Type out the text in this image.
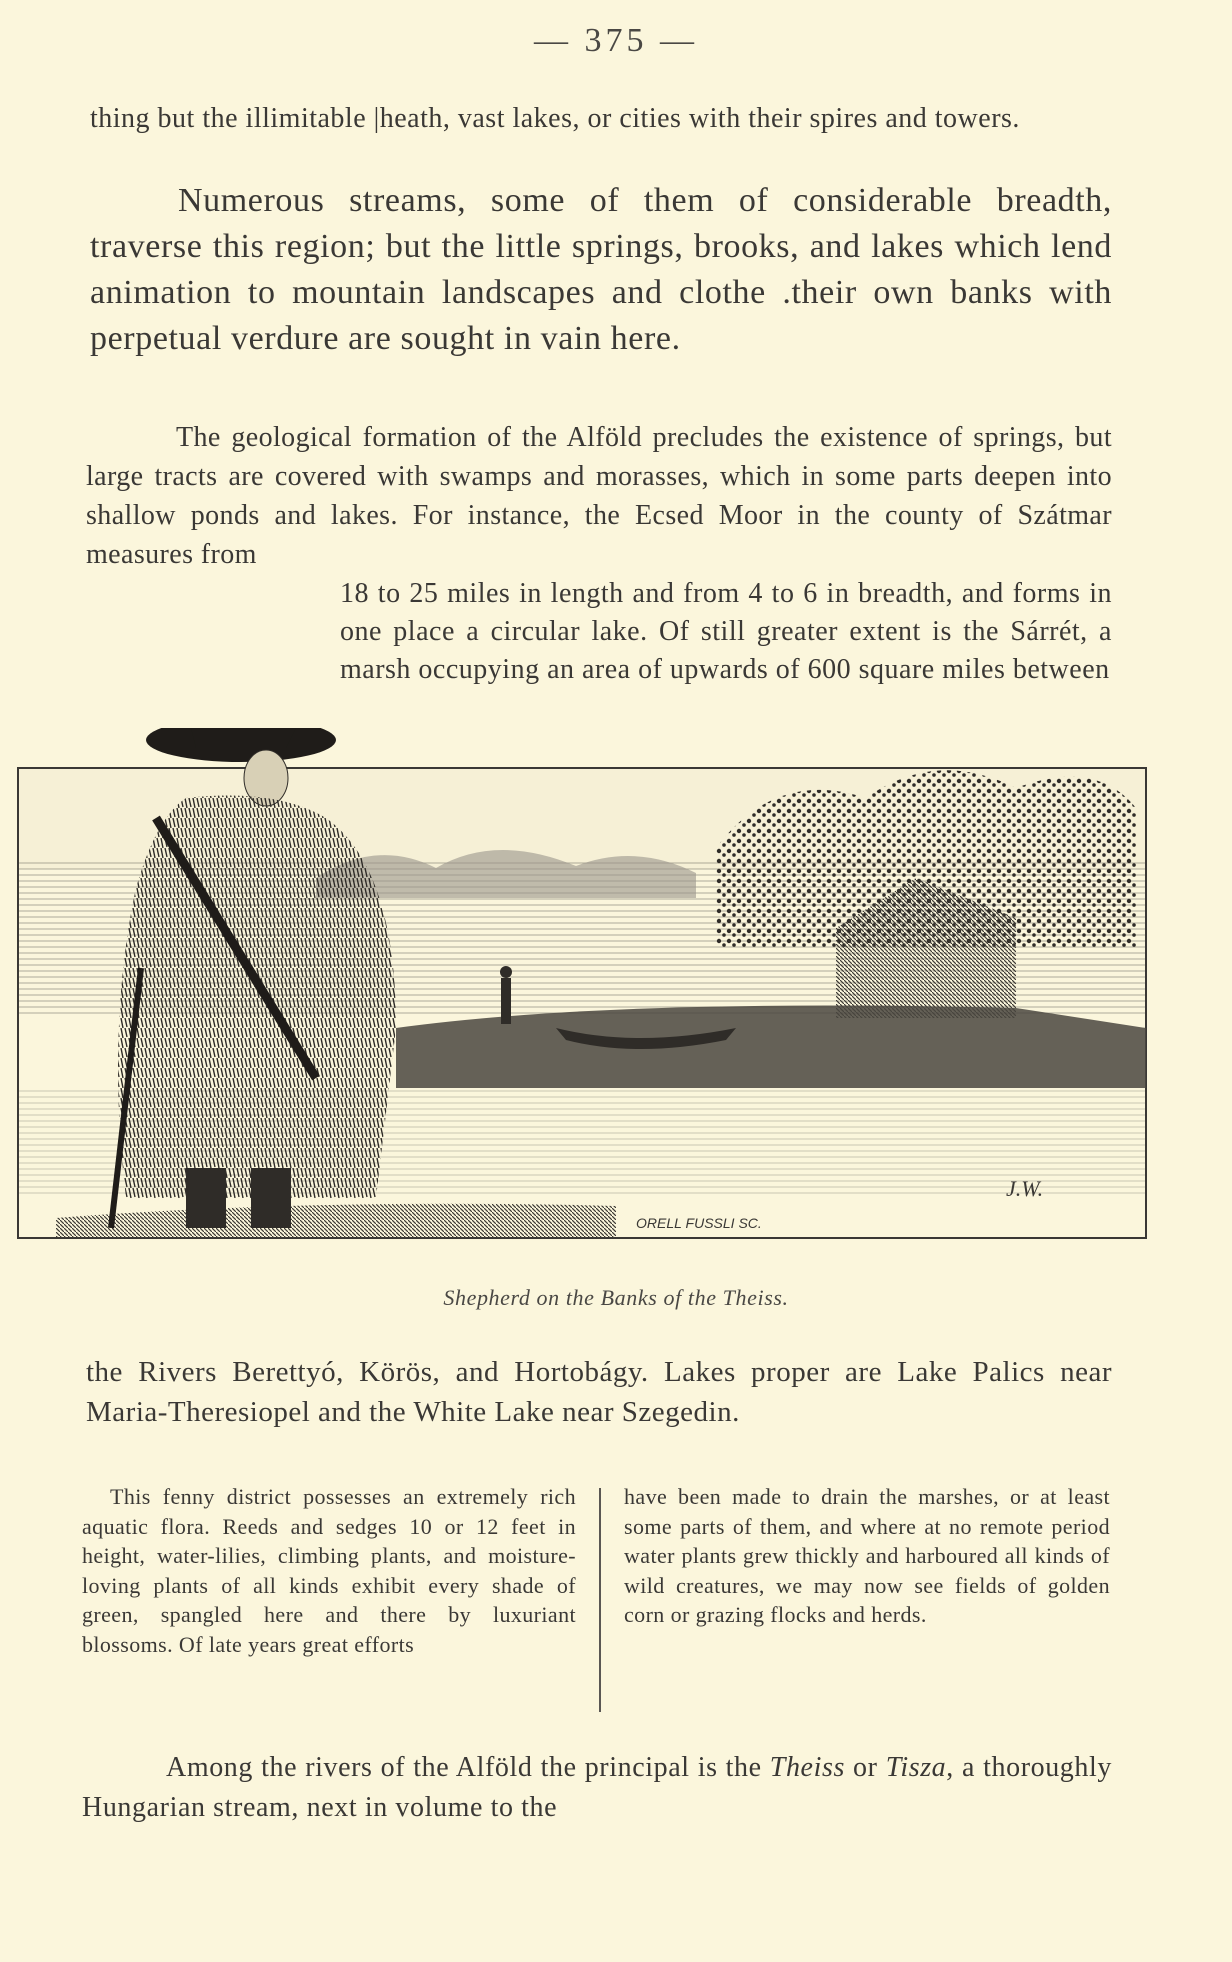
— 375 —

thing but the illimitable |heath, vast lakes, or cities with their spires and towers.

Numerous streams, some of them of considerable breadth, traverse this region; but the little springs, brooks, and lakes which lend animation to mountain landscapes and clothe .their own banks with perpetual verdure are sought in vain here.

The geological formation of the Alföld precludes the existence of springs, but large tracts are covered with swamps and morasses, which in some parts deepen into shallow ponds and lakes. For instance, the Ecsed Moor in the county of Szátmar measures from

18 to 25 miles in length and from 4 to 6 in breadth, and forms in one place a circular lake. Of still greater extent is the Sárrét, a marsh occupying an area of upwards of 600 square miles between

ORELL FUSSLI SC.
J.W.
Shepherd on the Banks of the Theiss.

the Rivers Berettyó, Körös, and Hortobágy. Lakes proper are Lake Palics near Maria-Theresiopel and the White Lake near Szegedin.

This fenny district possesses an extremely rich aquatic flora. Reeds and sedges 10 or 12 feet in height, water-lilies, climbing plants, and moisture-loving plants of all kinds exhibit every shade of green, spangled here and there by luxuriant blossoms. Of late years great efforts

have been made to drain the marshes, or at least some parts of them, and where at no remote period water plants grew thickly and harboured all kinds of wild creatures, we may now see fields of golden corn or grazing flocks and herds.

Among the rivers of the Alföld the principal is the Theiss or Tisza, a thoroughly Hungarian stream, next in volume to the
